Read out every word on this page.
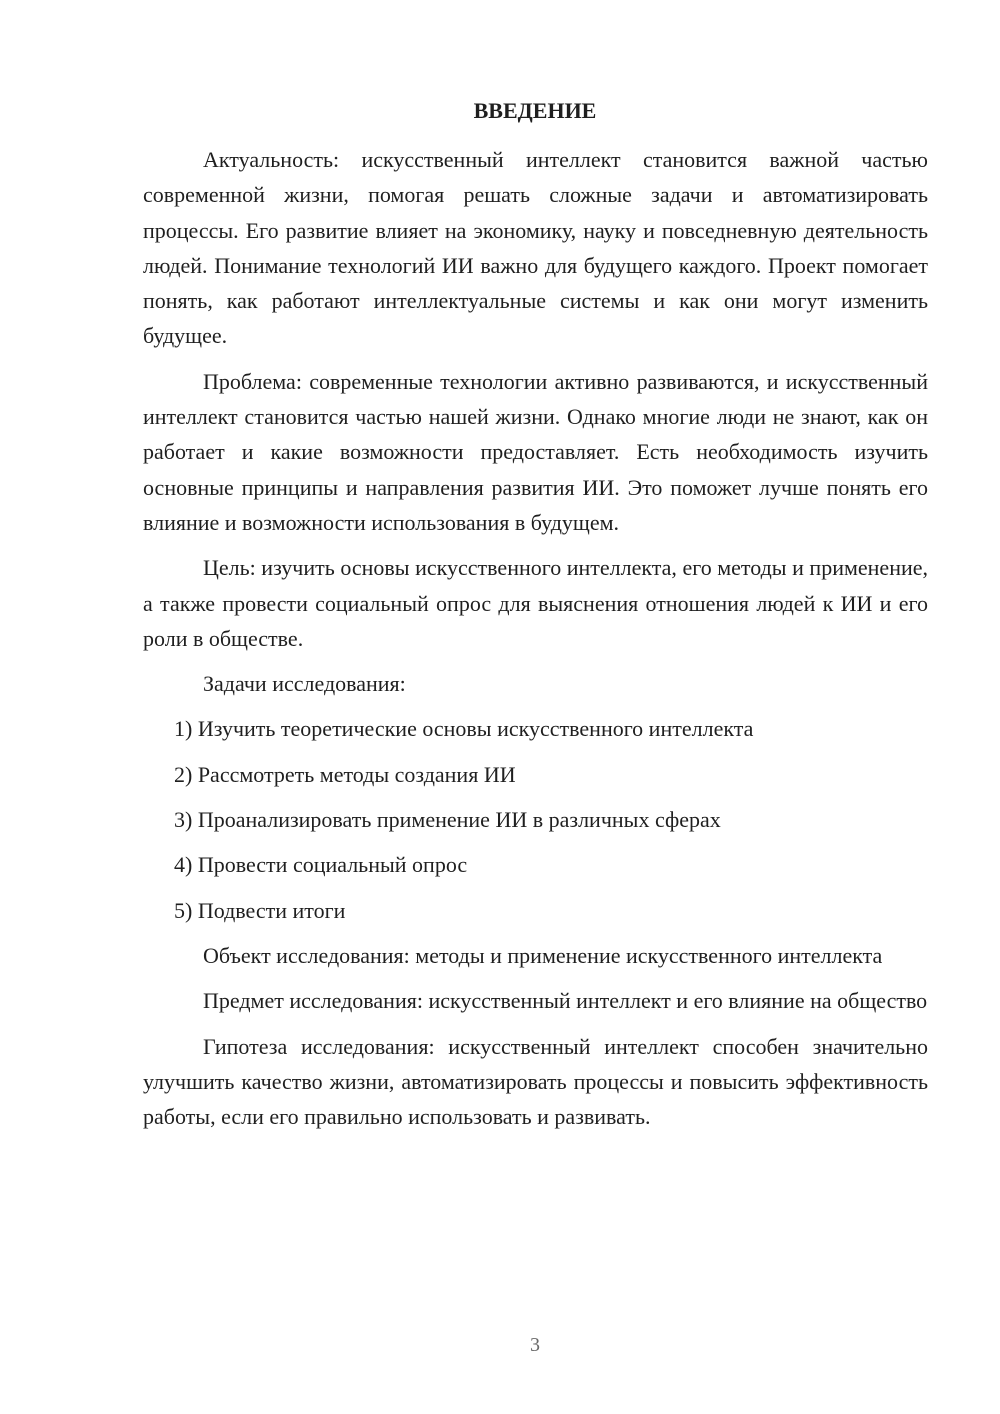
ВВЕДЕНИЕ

Актуальность: искусственный интеллект становится важной частью современной жизни, помогая решать сложные задачи и автоматизировать процессы. Его развитие влияет на экономику, науку и повседневную деятельность людей. Понимание технологий ИИ важно для будущего каждого. Проект помогает понять, как работают интеллектуальные системы и как они могут изменить будущее.

Проблема: современные технологии активно развиваются, и искусственный интеллект становится частью нашей жизни. Однако многие люди не знают, как он работает и какие возможности предоставляет. Есть необходимость изучить основные принципы и направления развития ИИ. Это поможет лучше понять его влияние и возможности использования в будущем.

Цель: изучить основы искусственного интеллекта, его методы и применение, а также провести социальный опрос для выяснения отношения людей к ИИ и его роли в обществе.

Задачи исследования:

1) Изучить теоретические основы искусственного интеллекта
2) Рассмотреть методы создания ИИ
3) Проанализировать применение ИИ в различных сферах
4) Провести социальный опрос
5) Подвести итоги

Объект исследования: методы и применение искусственного интеллекта

Предмет исследования: искусственный интеллект и его влияние на общество

Гипотеза исследования: искусственный интеллект способен значительно улучшить качество жизни, автоматизировать процессы и повысить эффективность работы, если его правильно использовать и развивать.

3
